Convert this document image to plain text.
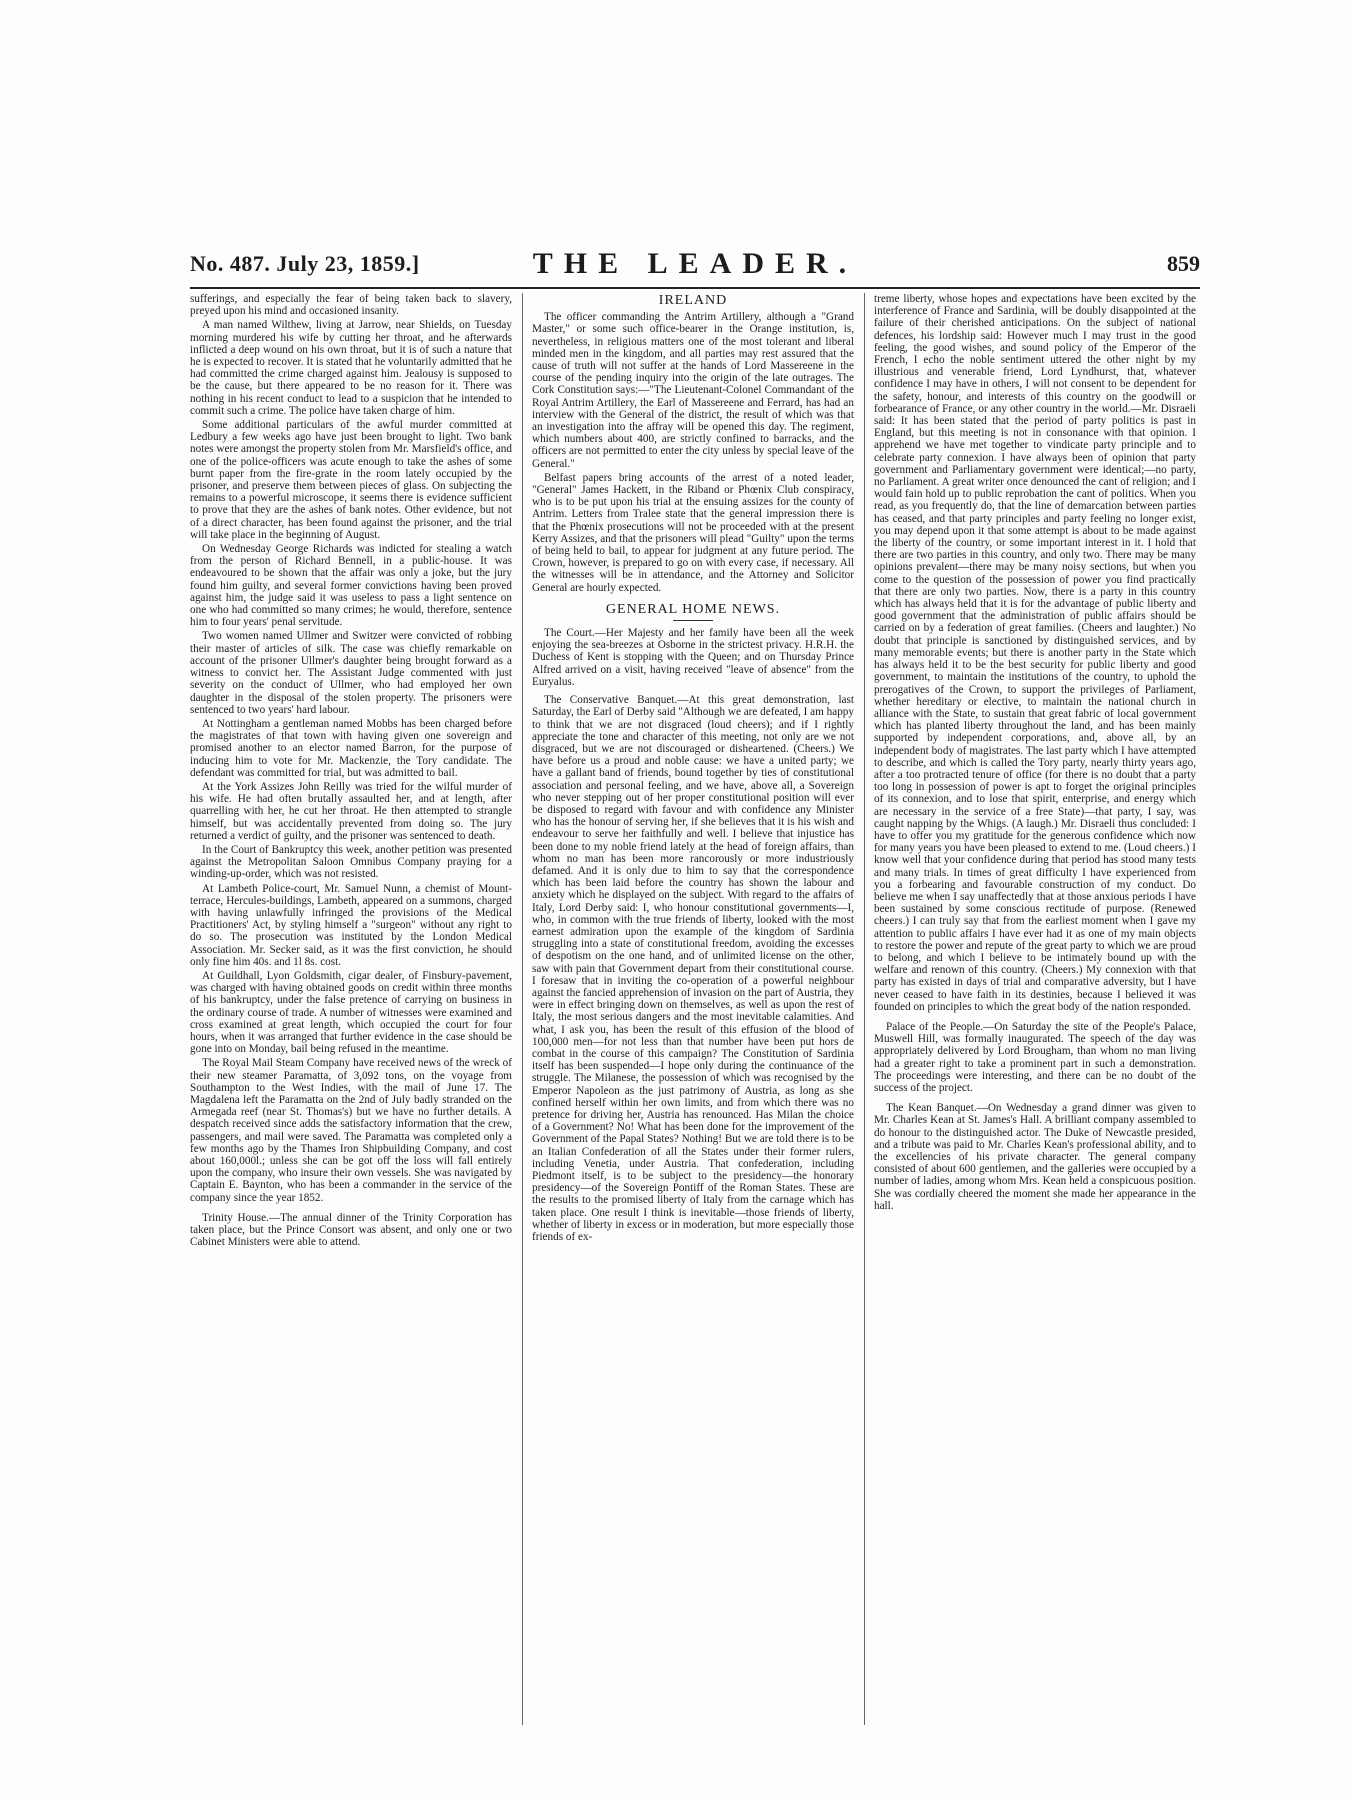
No. 487. July 23, 1859.]	THE LEADER.	859

sufferings, and especially the fear of being taken back to slavery, preyed upon his mind and occasioned insanity.

A man named Wilthew, living at Jarrow, near Shields, on Tuesday morning murdered his wife by cutting her throat, and he afterwards inflicted a deep wound on his own throat, but it is of such a nature that he is expected to recover. It is stated that he voluntarily admitted that he had committed the crime charged against him. Jealousy is supposed to be the cause, but there appeared to be no reason for it. There was nothing in his recent conduct to lead to a suspicion that he intended to commit such a crime. The police have taken charge of him.

Some additional particulars of the awful murder committed at Ledbury a few weeks ago have just been brought to light. Two bank notes were amongst the property stolen from Mr. Marsfield's office, and one of the police-officers was acute enough to take the ashes of some burnt paper from the fire-grate in the room lately occupied by the prisoner, and preserve them between pieces of glass. On subjecting the remains to a powerful microscope, it seems there is evidence sufficient to prove that they are the ashes of bank notes. Other evidence, but not of a direct character, has been found against the prisoner, and the trial will take place in the beginning of August.

On Wednesday George Richards was indicted for stealing a watch from the person of Richard Bennell, in a public-house. It was endeavoured to be shown that the affair was only a joke, but the jury found him guilty, and several former convictions having been proved against him, the judge said it was useless to pass a light sentence on one who had committed so many crimes; he would, therefore, sentence him to four years' penal servitude.

Two women named Ullmer and Switzer were convicted of robbing their master of articles of silk. The case was chiefly remarkable on account of the prisoner Ullmer's daughter being brought forward as a witness to convict her. The Assistant Judge commented with just severity on the conduct of Ullmer, who had employed her own daughter in the disposal of the stolen property. The prisoners were sentenced to two years' hard labour.

At Nottingham a gentleman named Mobbs has been charged before the magistrates of that town with having given one sovereign and promised another to an elector named Barron, for the purpose of inducing him to vote for Mr. Mackenzie, the Tory candidate. The defendant was committed for trial, but was admitted to bail.

At the York Assizes John Reilly was tried for the wilful murder of his wife. He had often brutally assaulted her, and at length, after quarrelling with her, he cut her throat. He then attempted to strangle himself, but was accidentally prevented from doing so. The jury returned a verdict of guilty, and the prisoner was sentenced to death.

In the Court of Bankruptcy this week, another petition was presented against the Metropolitan Saloon Omnibus Company praying for a winding-up-order, which was not resisted.

At Lambeth Police-court, Mr. Samuel Nunn, a chemist of Mount-terrace, Hercules-buildings, Lambeth, appeared on a summons, charged with having unlawfully infringed the provisions of the Medical Practitioners' Act, by styling himself a "surgeon" without any right to do so. The prosecution was instituted by the London Medical Association. Mr. Secker said, as it was the first conviction, he should only fine him 40s. and 1l 8s. cost.

At Guildhall, Lyon Goldsmith, cigar dealer, of Finsbury-pavement, was charged with having obtained goods on credit within three months of his bankruptcy, under the false pretence of carrying on business in the ordinary course of trade. A number of witnesses were examined and cross examined at great length, which occupied the court for four hours, when it was arranged that further evidence in the case should be gone into on Monday, bail being refused in the meantime.

The Royal Mail Steam Company have received news of the wreck of their new steamer Paramatta, of 3,092 tons, on the voyage from Southampton to the West Indies, with the mail of June 17. The Magdalena left the Paramatta on the 2nd of July badly stranded on the Armegada reef (near St. Thomas's) but we have no further details. A despatch received since adds the satisfactory information that the crew, passengers, and mail were saved. The Paramatta was completed only a few months ago by the Thames Iron Shipbuilding Company, and cost about 160,000l.; unless she can be got off the loss will fall entirely upon the company, who insure their own vessels. She was navigated by Captain E. Baynton, who has been a commander in the service of the company since the year 1852.

Trinity House.—The annual dinner of the Trinity Corporation has taken place, but the Prince Consort was absent, and only one or two Cabinet Ministers were able to attend.

IRELAND

The officer commanding the Antrim Artillery, although a "Grand Master," or some such office-bearer in the Orange institution, is, nevertheless, in religious matters one of the most tolerant and liberal minded men in the kingdom, and all parties may rest assured that the cause of truth will not suffer at the hands of Lord Massereene in the course of the pending inquiry into the origin of the late outrages. The Cork Constitution says:—"The Lieutenant-Colonel Commandant of the Royal Antrim Artillery, the Earl of Massereene and Ferrard, has had an interview with the General of the district, the result of which was that an investigation into the affray will be opened this day. The regiment, which numbers about 400, are strictly confined to barracks, and the officers are not permitted to enter the city unless by special leave of the General."

Belfast papers bring accounts of the arrest of a noted leader, "General" James Hackett, in the Riband or Phœnix Club conspiracy, who is to be put upon his trial at the ensuing assizes for the county of Antrim. Letters from Tralee state that the general impression there is that the Phœnix prosecutions will not be proceeded with at the present Kerry Assizes, and that the prisoners will plead "Guilty" upon the terms of being held to bail, to appear for judgment at any future period. The Crown, however, is prepared to go on with every case, if necessary. All the witnesses will be in attendance, and the Attorney and Solicitor General are hourly expected.

GENERAL HOME NEWS.

The Court.—Her Majesty and her family have been all the week enjoying the sea-breezes at Osborne in the strictest privacy. H.R.H. the Duchess of Kent is stopping with the Queen; and on Thursday Prince Alfred arrived on a visit, having received "leave of absence" from the Euryalus.

The Conservative Banquet.—At this great demonstration, last Saturday, the Earl of Derby said "Although we are defeated, I am happy to think that we are not disgraced (loud cheers); and if I rightly appreciate the tone and character of this meeting, not only are we not disgraced, but we are not discouraged or disheartened. (Cheers.) We have before us a proud and noble cause: we have a united party; we have a gallant band of friends, bound together by ties of constitutional association and personal feeling, and we have, above all, a Sovereign who never stepping out of her proper constitutional position will ever be disposed to regard with favour and with confidence any Minister who has the honour of serving her, if she believes that it is his wish and endeavour to serve her faithfully and well. I believe that injustice has been done to my noble friend lately at the head of foreign affairs, than whom no man has been more rancorously or more industriously defamed. And it is only due to him to say that the correspondence which has been laid before the country has shown the labour and anxiety which he displayed on the subject. With regard to the affairs of Italy, Lord Derby said: I, who honour constitutional governments—I, who, in common with the true friends of liberty, looked with the most earnest admiration upon the example of the kingdom of Sardinia struggling into a state of constitutional freedom, avoiding the excesses of despotism on the one hand, and of unlimited license on the other, saw with pain that Government depart from their constitutional course. I foresaw that in inviting the co-operation of a powerful neighbour against the fancied apprehension of invasion on the part of Austria, they were in effect bringing down on themselves, as well as upon the rest of Italy, the most serious dangers and the most inevitable calamities. And what, I ask you, has been the result of this effusion of the blood of 100,000 men—for not less than that number have been put hors de combat in the course of this campaign? The Constitution of Sardinia itself has been suspended—I hope only during the continuance of the struggle. The Milanese, the possession of which was recognised by the Emperor Napoleon as the just patrimony of Austria, as long as she confined herself within her own limits, and from which there was no pretence for driving her, Austria has renounced. Has Milan the choice of a Government? No! What has been done for the improvement of the Government of the Papal States? Nothing! But we are told there is to be an Italian Confederation of all the States under their former rulers, including Venetia, under Austria. That confederation, including Piedmont itself, is to be subject to the presidency—the honorary presidency—of the Sovereign Pontiff of the Roman States. These are the results to the promised liberty of Italy from the carnage which has taken place. One result I think is inevitable—those friends of liberty, whether of liberty in excess or in moderation, but more especially those friends of ex-

treme liberty, whose hopes and expectations have been excited by the interference of France and Sardinia, will be doubly disappointed at the failure of their cherished anticipations. On the subject of national defences, his lordship said: However much I may trust in the good feeling, the good wishes, and sound policy of the Emperor of the French, I echo the noble sentiment uttered the other night by my illustrious and venerable friend, Lord Lyndhurst, that, whatever confidence I may have in others, I will not consent to be dependent for the safety, honour, and interests of this country on the goodwill or forbearance of France, or any other country in the world.—Mr. Disraeli said: It has been stated that the period of party politics is past in England, but this meeting is not in consonance with that opinion. I apprehend we have met together to vindicate party principle and to celebrate party connexion. I have always been of opinion that party government and Parliamentary government were identical;—no party, no Parliament. A great writer once denounced the cant of religion; and I would fain hold up to public reprobation the cant of politics. When you read, as you frequently do, that the line of demarcation between parties has ceased, and that party principles and party feeling no longer exist, you may depend upon it that some attempt is about to be made against the liberty of the country, or some important interest in it. I hold that there are two parties in this country, and only two. There may be many opinions prevalent—there may be many noisy sections, but when you come to the question of the possession of power you find practically that there are only two parties. Now, there is a party in this country which has always held that it is for the advantage of public liberty and good government that the administration of public affairs should be carried on by a federation of great families. (Cheers and laughter.) No doubt that principle is sanctioned by distinguished services, and by many memorable events; but there is another party in the State which has always held it to be the best security for public liberty and good government, to maintain the institutions of the country, to uphold the prerogatives of the Crown, to support the privileges of Parliament, whether hereditary or elective, to maintain the national church in alliance with the State, to sustain that great fabric of local government which has planted liberty throughout the land, and has been mainly supported by independent corporations, and, above all, by an independent body of magistrates. The last party which I have attempted to describe, and which is called the Tory party, nearly thirty years ago, after a too protracted tenure of office (for there is no doubt that a party too long in possession of power is apt to forget the original principles of its connexion, and to lose that spirit, enterprise, and energy which are necessary in the service of a free State)—that party, I say, was caught napping by the Whigs. (A laugh.) Mr. Disraeli thus concluded: I have to offer you my gratitude for the generous confidence which now for many years you have been pleased to extend to me. (Loud cheers.) I know well that your confidence during that period has stood many tests and many trials. In times of great difficulty I have experienced from you a forbearing and favourable construction of my conduct. Do believe me when I say unaffectedly that at those anxious periods I have been sustained by some conscious rectitude of purpose. (Renewed cheers.) I can truly say that from the earliest moment when I gave my attention to public affairs I have ever had it as one of my main objects to restore the power and repute of the great party to which we are proud to belong, and which I believe to be intimately bound up with the welfare and renown of this country. (Cheers.) My connexion with that party has existed in days of trial and comparative adversity, but I have never ceased to have faith in its destinies, because I believed it was founded on principles to which the great body of the nation responded.

Palace of the People.—On Saturday the site of the People's Palace, Muswell Hill, was formally inaugurated. The speech of the day was appropriately delivered by Lord Brougham, than whom no man living had a greater right to take a prominent part in such a demonstration. The proceedings were interesting, and there can be no doubt of the success of the project.

The Kean Banquet.—On Wednesday a grand dinner was given to Mr. Charles Kean at St. James's Hall. A brilliant company assembled to do honour to the distinguished actor. The Duke of Newcastle presided, and a tribute was paid to Mr. Charles Kean's professional ability, and to the excellencies of his private character. The general company consisted of about 600 gentlemen, and the galleries were occupied by a number of ladies, among whom Mrs. Kean held a conspicuous position. She was cordially cheered the moment she made her appearance in the hall.
